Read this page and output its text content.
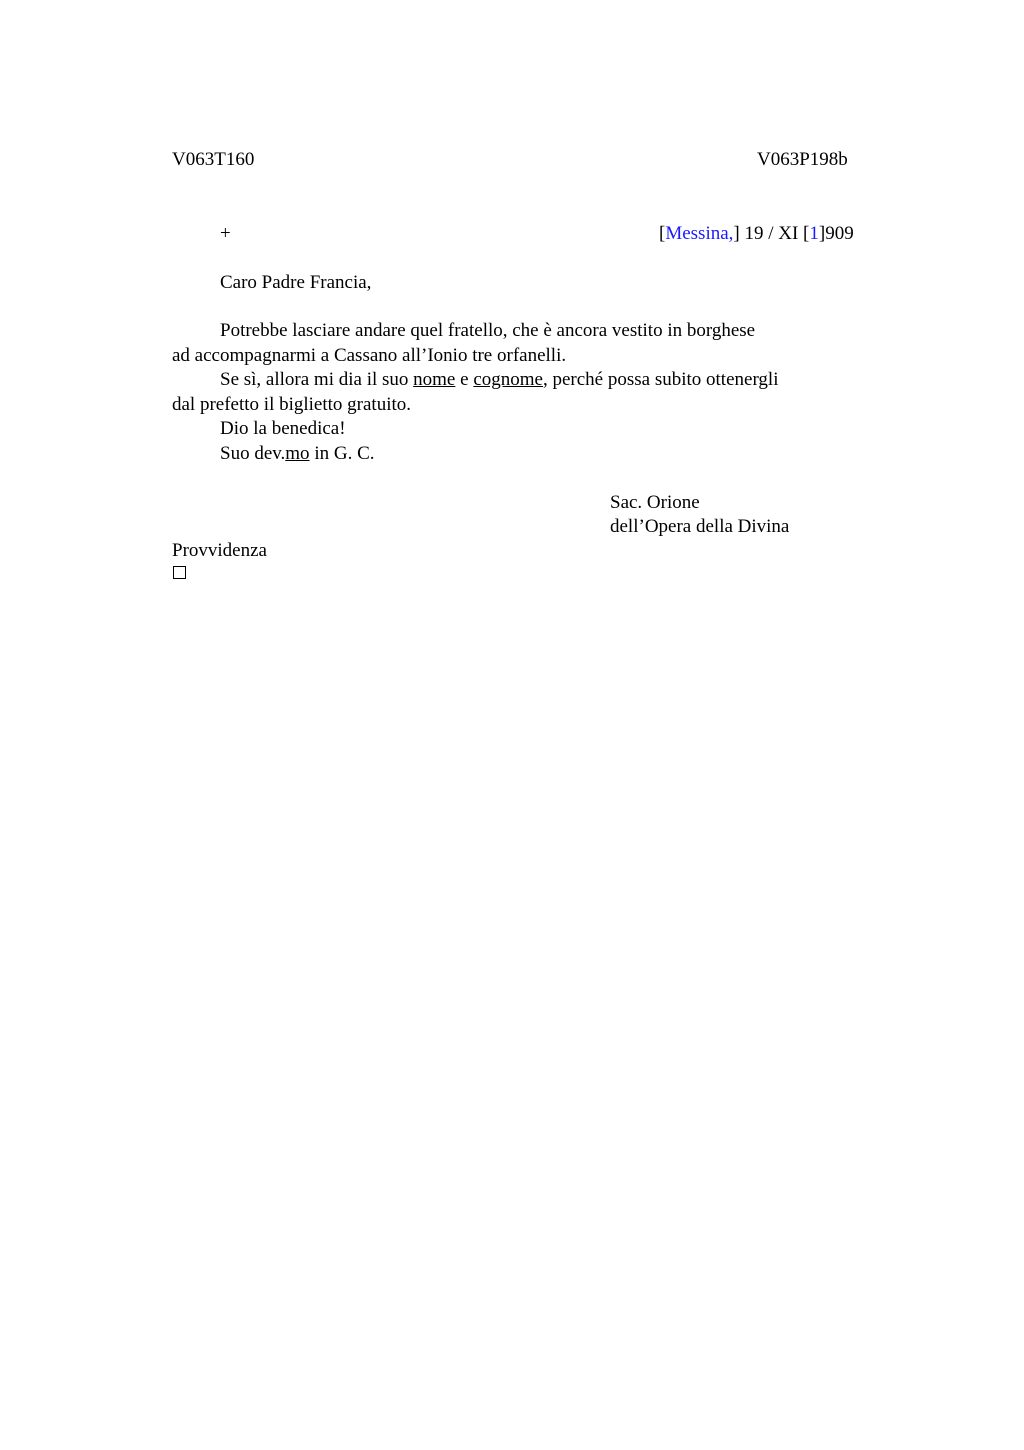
V063T160	V063P198b
+	[Messina,] 19 / XI [1]909
Caro Padre Francia,
Potrebbe lasciare andare quel fratello, che è ancora vestito in borghese
ad accompagnarmi a Cassano all’Ionio tre orfanelli.
Se sì, allora mi dia il suo nome e cognome, perché possa subito ottenergli
dal prefetto il biglietto gratuito.
Dio la benedica!
Suo dev.mo in G. C.
Sac. Orione
dell’Opera della Divina
Provvidenza
